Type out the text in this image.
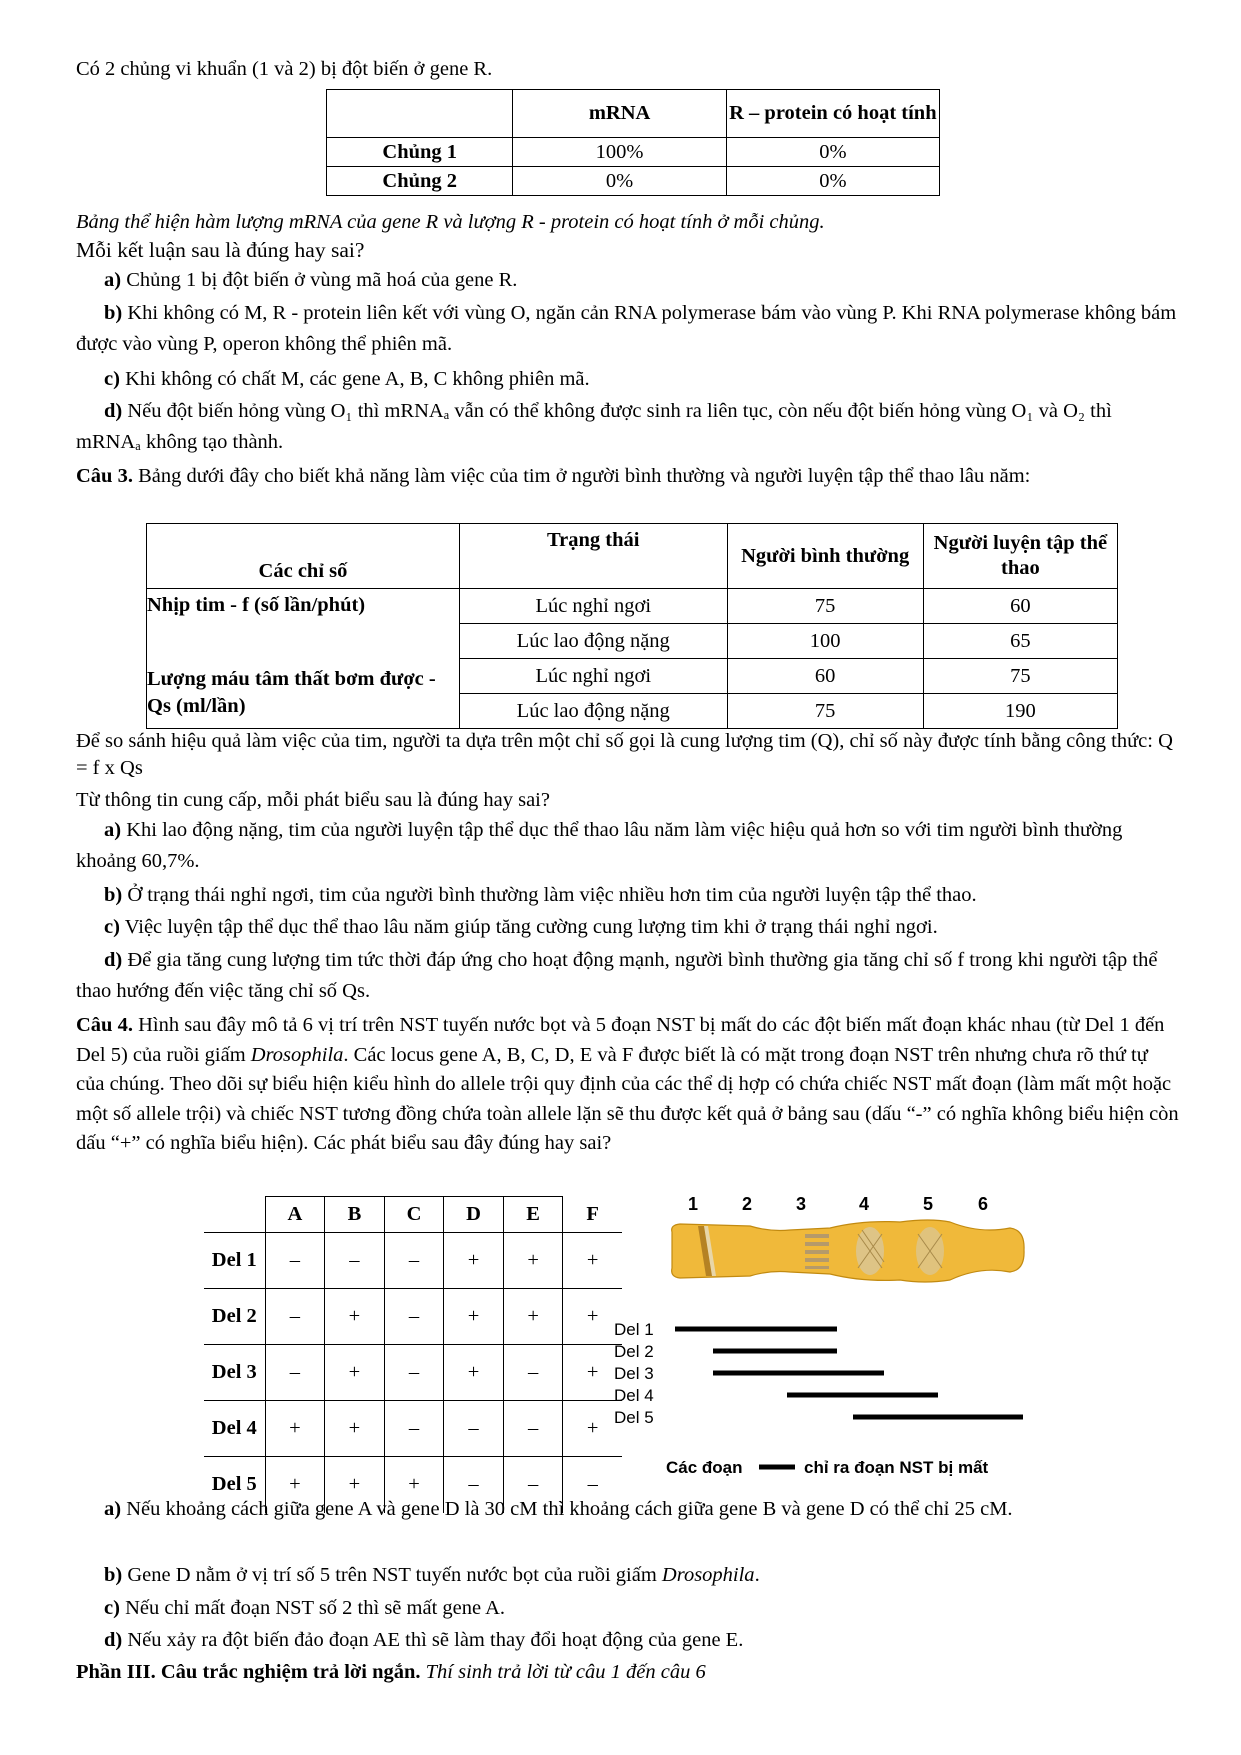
Có 2 chủng vi khuẩn (1 và 2) bị đột biến ở gene R.

	mRNA	R – protein có hoạt tính
Chủng 1	100%	0%
Chủng 2	0%	0%

Bảng thể hiện hàm lượng mRNA của gene R và lượng R - protein có hoạt tính ở mỗi chủng.

Mỗi kết luận sau là đúng hay sai?

a) Chủng 1 bị đột biến ở vùng mã hoá của gene R.

b) Khi không có M, R - protein liên kết với vùng O, ngăn cản RNA polymerase bám vào vùng P. Khi RNA polymerase không bám được vào vùng P, operon không thể phiên mã.

c) Khi không có chất M, các gene A, B, C không phiên mã.

d) Nếu đột biến hỏng vùng O₁ thì mRNAₐ vẫn có thể không được sinh ra liên tục, còn nếu đột biến hỏng vùng O₁ và O₂ thì mRNAₐ không tạo thành.

Câu 3. Bảng dưới đây cho biết khả năng làm việc của tim ở người bình thường và người luyện tập thể thao lâu năm:

Các chỉ số	Trạng thái	Người bình thường	Người luyện tập thể thao
Nhịp tim - f (số lần/phút)	Lúc nghỉ ngơi	75	60
	Lúc lao động nặng	100	65
Lượng máu tâm thất bơm được - Qs (ml/lần)	Lúc nghỉ ngơi	60	75
	Lúc lao động nặng	75	190

Để so sánh hiệu quả làm việc của tim, người ta dựa trên một chỉ số gọi là cung lượng tim (Q), chỉ số này được tính bằng công thức: Q = f x Qs

Từ thông tin cung cấp, mỗi phát biểu sau là đúng hay sai?

a) Khi lao động nặng, tim của người luyện tập thể dục thể thao lâu năm làm việc hiệu quả hơn so với tim người bình thường khoảng 60,7%.

b) Ở trạng thái nghỉ ngơi, tim của người bình thường làm việc nhiều hơn tim của người luyện tập thể thao.

c) Việc luyện tập thể dục thể thao lâu năm giúp tăng cường cung lượng tim khi ở trạng thái nghỉ ngơi.

d) Để gia tăng cung lượng tim tức thời đáp ứng cho hoạt động mạnh, người bình thường gia tăng chỉ số f trong khi người tập thể thao hướng đến việc tăng chỉ số Qs.

Câu 4. Hình sau đây mô tả 6 vị trí trên NST tuyến nước bọt và 5 đoạn NST bị mất do các đột biến mất đoạn khác nhau (từ Del 1 đến Del 5) của ruồi giấm Drosophila. Các locus gene A, B, C, D, E và F được biết là có mặt trong đoạn NST trên nhưng chưa rõ thứ tự của chúng. Theo dõi sự biểu hiện kiểu hình do allele trội quy định của các thể dị hợp có chứa chiếc NST mất đoạn (làm mất một hoặc một số allele trội) và chiếc NST tương đồng chứa toàn allele lặn sẽ thu được kết quả ở bảng sau (dấu “-” có nghĩa không biểu hiện còn dấu “+” có nghĩa biểu hiện). Các phát biểu sau đây đúng hay sai?

	A	B	C	D	E	F
Del 1	–	–	–	+	+	+
Del 2	–	+	–	+	+	+
Del 3	–	+	–	+	–	+
Del 4	+	+	–	–	–	+
Del 5	+	+	+	–	–	–
1 2 3	4	5 6
Del 1
Del 2
Del 3
Del 4
Del 5
Các đoạn	chỉ ra đoạn NST bị mất

a) Nếu khoảng cách giữa gene A và gene D là 30 cM thì khoảng cách giữa gene B và gene D có thể chỉ 25 cM.

b) Gene D nằm ở vị trí số 5 trên NST tuyến nước bọt của ruồi giấm Drosophila.

c) Nếu chỉ mất đoạn NST số 2 thì sẽ mất gene A.

d) Nếu xảy ra đột biến đảo đoạn AE thì sẽ làm thay đổi hoạt động của gene E.

Phần III. Câu trắc nghiệm trả lời ngắn. Thí sinh trả lời từ câu 1 đến câu 6
